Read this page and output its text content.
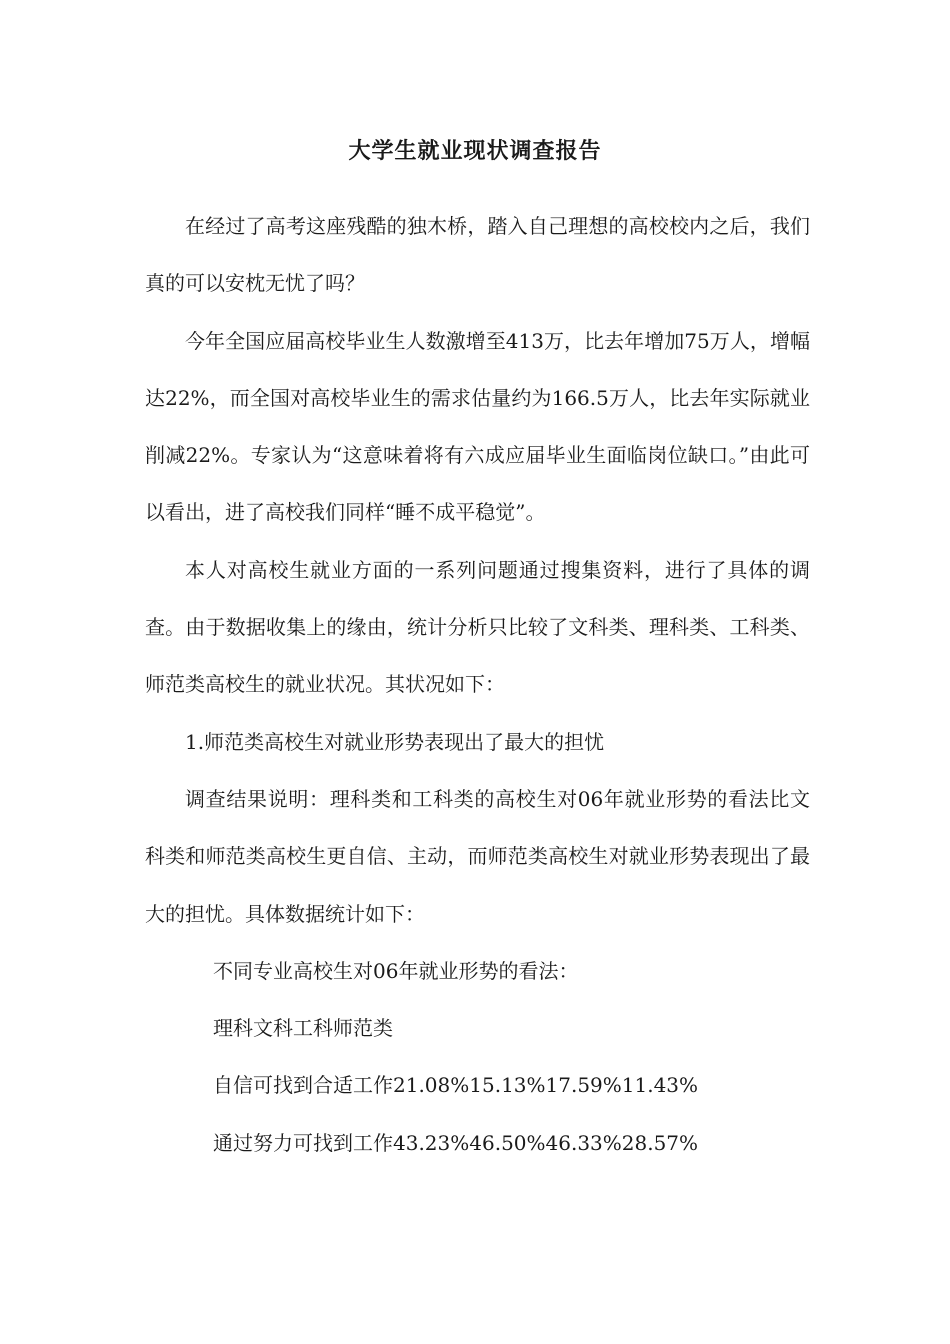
大学生就业现状调查报告

在经过了高考这座残酷的独木桥，踏入自己理想的高校校内之后，我们真的可以安枕无忧了吗？

今年全国应届高校毕业生人数激增至413万，比去年增加75万人，增幅达22%，而全国对高校毕业生的需求估量约为166.5万人，比去年实际就业削减22%。专家认为“这意味着将有六成应届毕业生面临岗位缺口。”由此可以看出，进了高校我们同样“睡不成平稳觉”。

本人对高校生就业方面的一系列问题通过搜集资料，进行了具体的调查。由于数据收集上的缘由，统计分析只比较了文科类、理科类、工科类、师范类高校生的就业状况。其状况如下：

1.师范类高校生对就业形势表现出了最大的担忧

调查结果说明：理科类和工科类的高校生对06年就业形势的看法比文科类和师范类高校生更自信、主动，而师范类高校生对就业形势表现出了最大的担忧。具体数据统计如下：

不同专业高校生对06年就业形势的看法：

理科文科工科师范类

自信可找到合适工作21.08%15.13%17.59%11.43%

通过努力可找到工作43.23%46.50%46.33%28.57%
